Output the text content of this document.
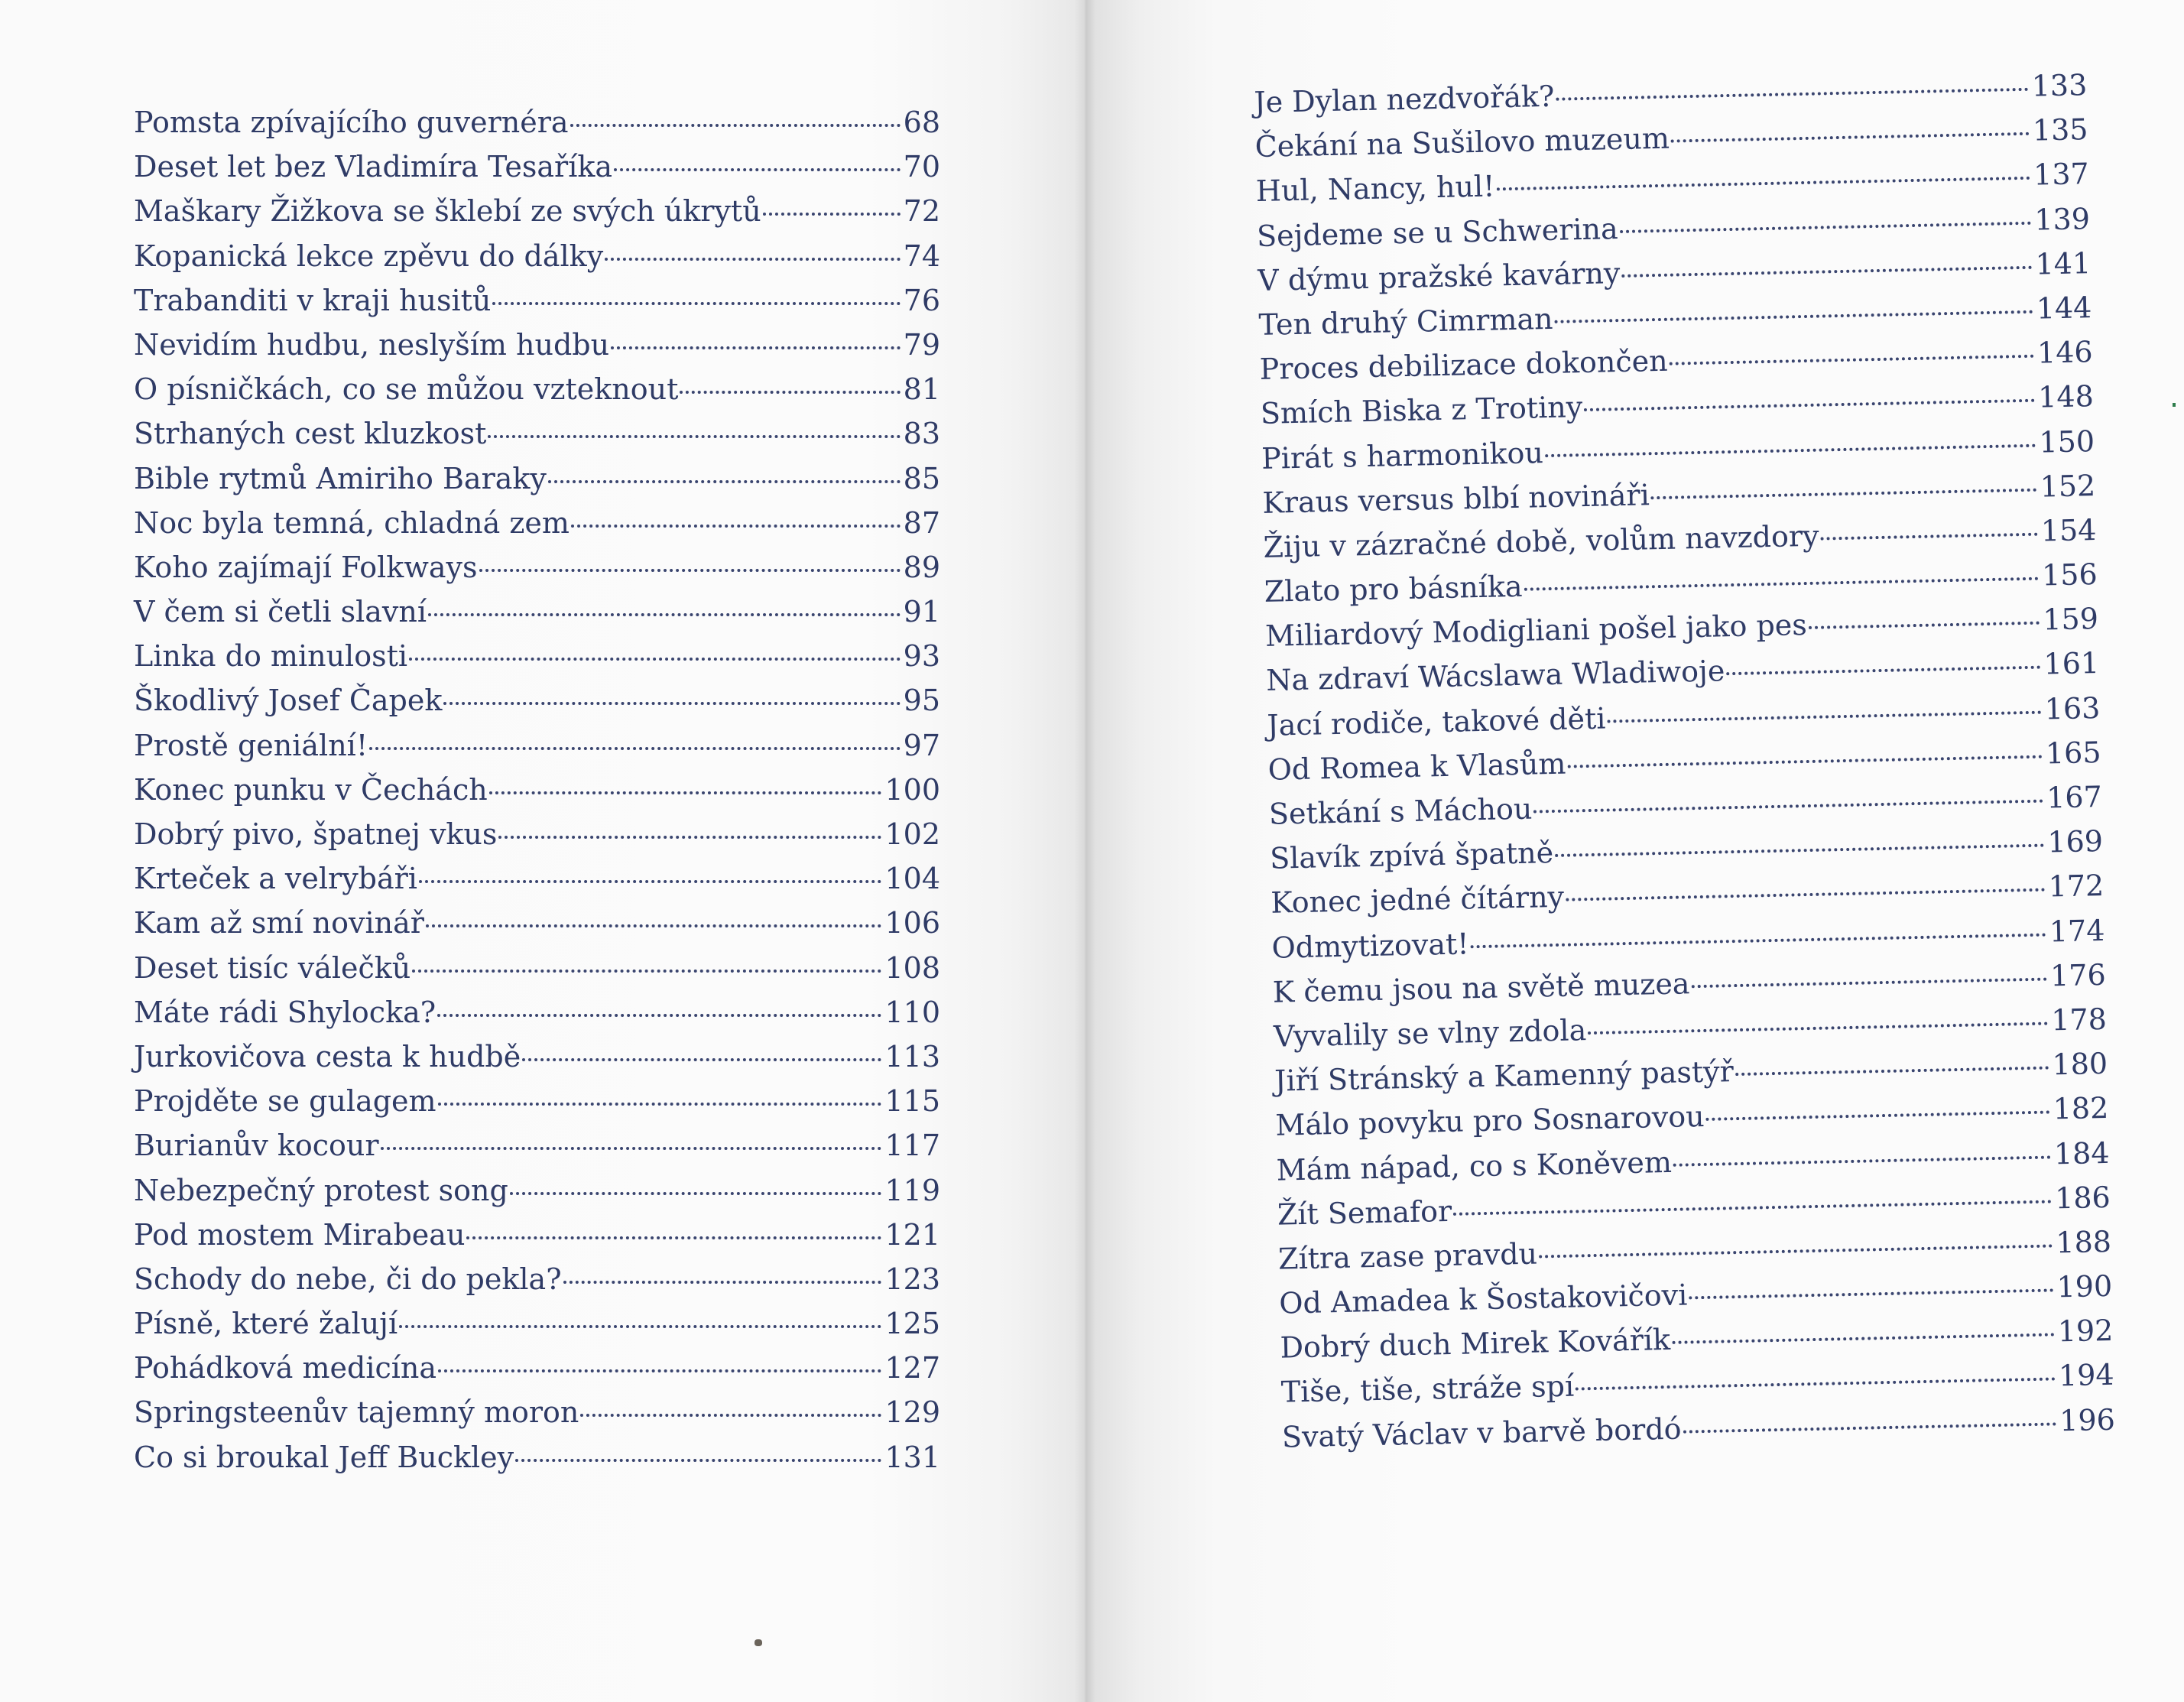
Pomsta zpívajícího guvernéra	68
Deset let bez Vladimíra Tesaříka	70
Maškary Žižkova se šklebí ze svých úkrytů	72
Kopanická lekce zpěvu do dálky	74
Trabanditi v kraji husitů	76
Nevidím hudbu, neslyším hudbu	79
O písničkách, co se můžou vzteknout	81
Strhaných cest kluzkost	83
Bible rytmů Amiriho Baraky	85
Noc byla temná, chladná zem	87
Koho zajímají Folkways	89
V čem si četli slavní	91
Linka do minulosti	93
Škodlivý Josef Čapek	95
Prostě geniální!	97
Konec punku v Čechách	100
Dobrý pivo, špatnej vkus	102
Krteček a velrybáři	104
Kam až smí novinář	106
Deset tisíc válečků	108
Máte rádi Shylocka?	110
Jurkovičova cesta k hudbě	113
Projděte se gulagem	115
Burianův kocour	117
Nebezpečný protest song	119
Pod mostem Mirabeau	121
Schody do nebe, či do pekla?	123
Písně, které žalují	125
Pohádková medicína	127
Springsteenův tajemný moron	129
Co si broukal Jeff Buckley	131
Je Dylan nezdvořák?	133
Čekání na Sušilovo muzeum	135
Hul, Nancy, hul!	137
Sejdeme se u Schwerina	139
V dýmu pražské kavárny	141
Ten druhý Cimrman	144
Proces debilizace dokončen	146
Smích Biska z Trotiny	148
Pirát s harmonikou	150
Kraus versus blbí novináři	152
Žiju v zázračné době, volům navzdory	154
Zlato pro básníka	156
Miliardový Modigliani pošel jako pes	159
Na zdraví Wácslawa Wladiwoje	161
Jací rodiče, takové děti	163
Od Romea k Vlasům	165
Setkání s Máchou	167
Slavík zpívá špatně	169
Konec jedné čítárny	172
Odmytizovat!	174
K čemu jsou na světě muzea	176
Vyvalily se vlny zdola	178
Jiří Stránský a Kamenný pastýř	180
Málo povyku pro Sosnarovou	182
Mám nápad, co s Koněvem	184
Žít Semafor	186
Zítra zase pravdu	188
Od Amadea k Šostakovičovi	190
Dobrý duch Mirek Kovářík	192
Tiše, tiše, stráže spí	194
Svatý Václav v barvě bordó	196
